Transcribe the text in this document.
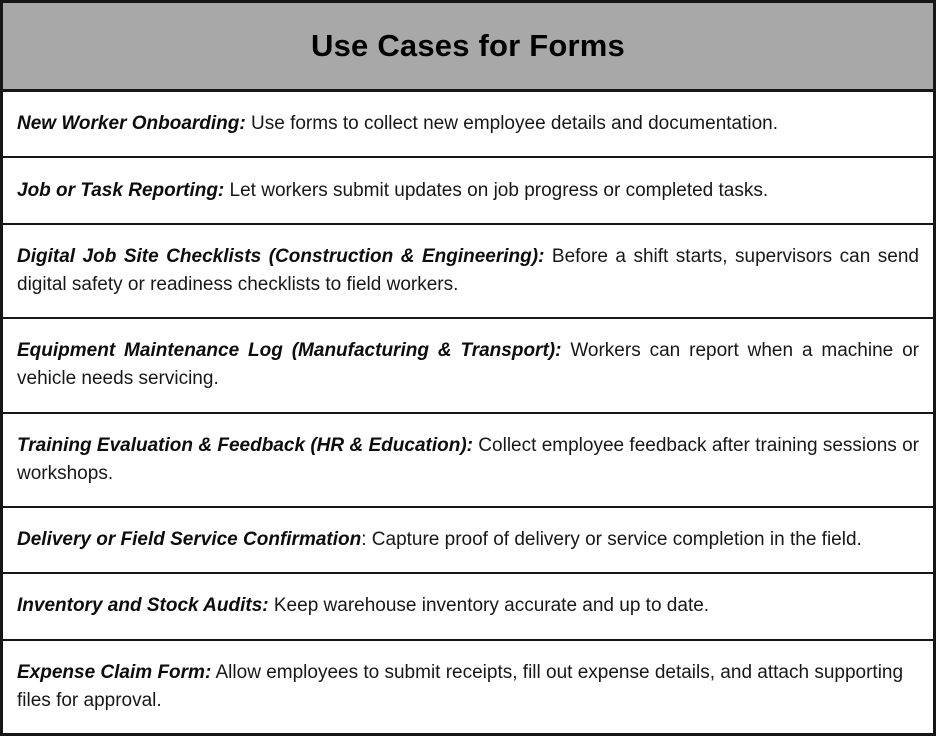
Use Cases for Forms
New Worker Onboarding: Use forms to collect new employee details and documentation.
Job or Task Reporting: Let workers submit updates on job progress or completed tasks.
Digital Job Site Checklists (Construction & Engineering): Before a shift starts, supervisors can send digital safety or readiness checklists to field workers.
Equipment Maintenance Log (Manufacturing & Transport): Workers can report when a machine or vehicle needs servicing.
Training Evaluation & Feedback (HR & Education): Collect employee feedback after training sessions or workshops.
Delivery or Field Service Confirmation: Capture proof of delivery or service completion in the field.
Inventory and Stock Audits: Keep warehouse inventory accurate and up to date.
Expense Claim Form: Allow employees to submit receipts, fill out expense details, and attach supporting files for approval.
